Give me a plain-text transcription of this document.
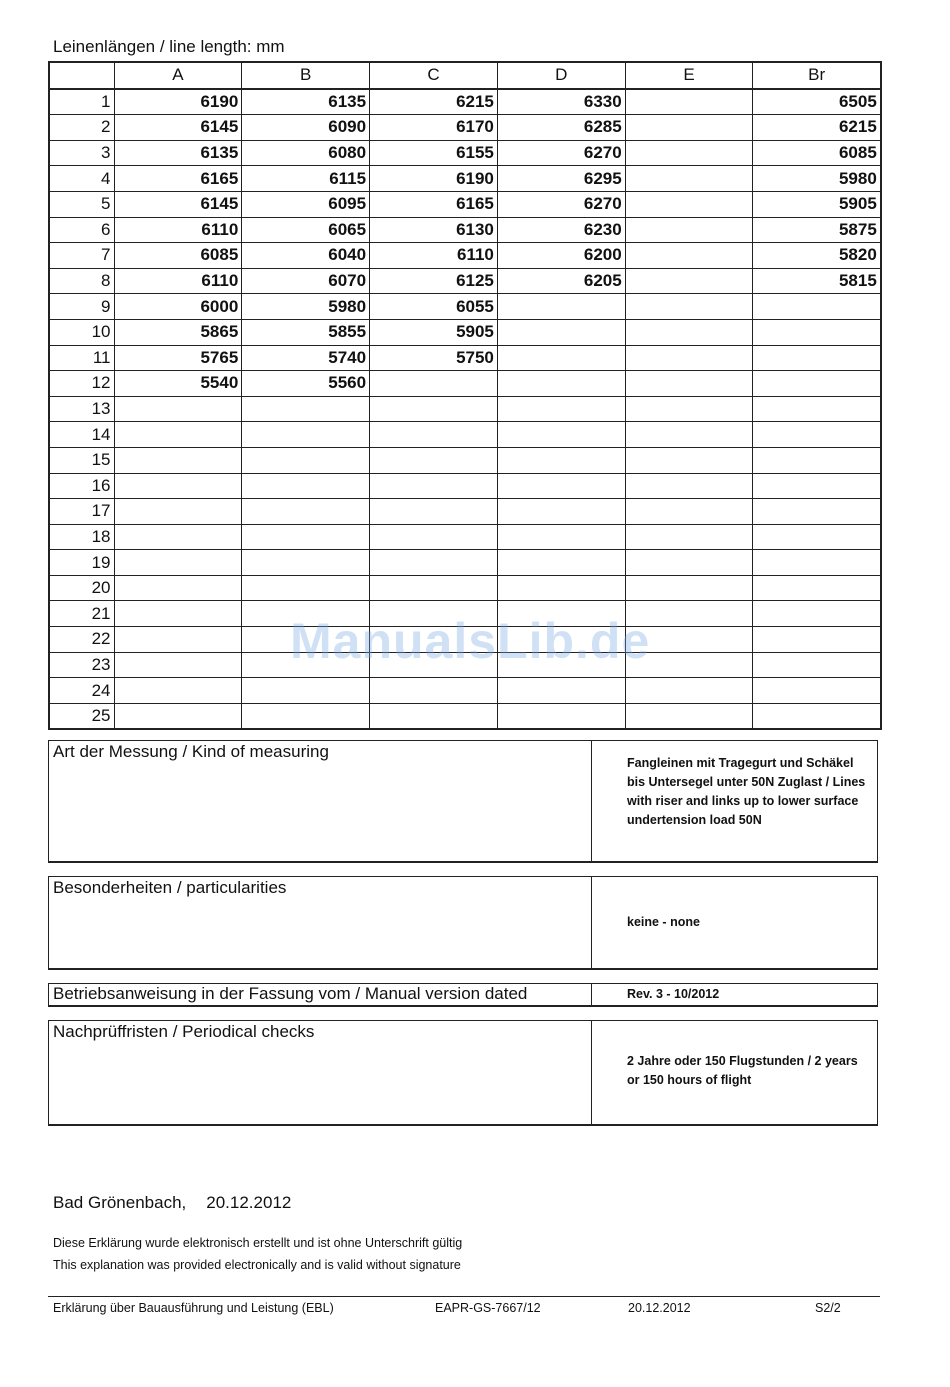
Leinenlängen / line length: mm
	A	B	C	D	E	Br
1	6190	6135	6215	6330		6505
2	6145	6090	6170	6285		6215
3	6135	6080	6155	6270		6085
4	6165	6115	6190	6295		5980
5	6145	6095	6165	6270		5905
6	6110	6065	6130	6230		5875
7	6085	6040	6110	6200		5820
8	6110	6070	6125	6205		5815
9	6000	5980	6055			
10	5865	5855	5905			
11	5765	5740	5750			
12	5540	5560				
13						
14						
15						
16						
17						
18						
19						
20						
21						
22						
23						
24						
25						
ManualsLib.de
Art der Messung / Kind of measuring
Fangleinen mit Tragegurt und Schäkel bis Untersegel unter 50N Zuglast / Lines with riser and links up to lower surface undertension load 50N
Besonderheiten / particularities
keine - none
Betriebsanweisung in der Fassung vom / Manual version dated	Rev. 3 - 10/2012
Nachprüffristen / Periodical checks
2 Jahre oder 150 Flugstunden / 2 years or 150 hours of flight
Bad Grönenbach, 20.12.2012
Diese Erklärung wurde elektronisch erstellt und ist ohne Unterschrift gültig
This explanation was provided electronically and is valid without signature
Erklärung über Bauausführung und Leistung (EBL)	EAPR-GS-7667/12	20.12.2012	S2/2
